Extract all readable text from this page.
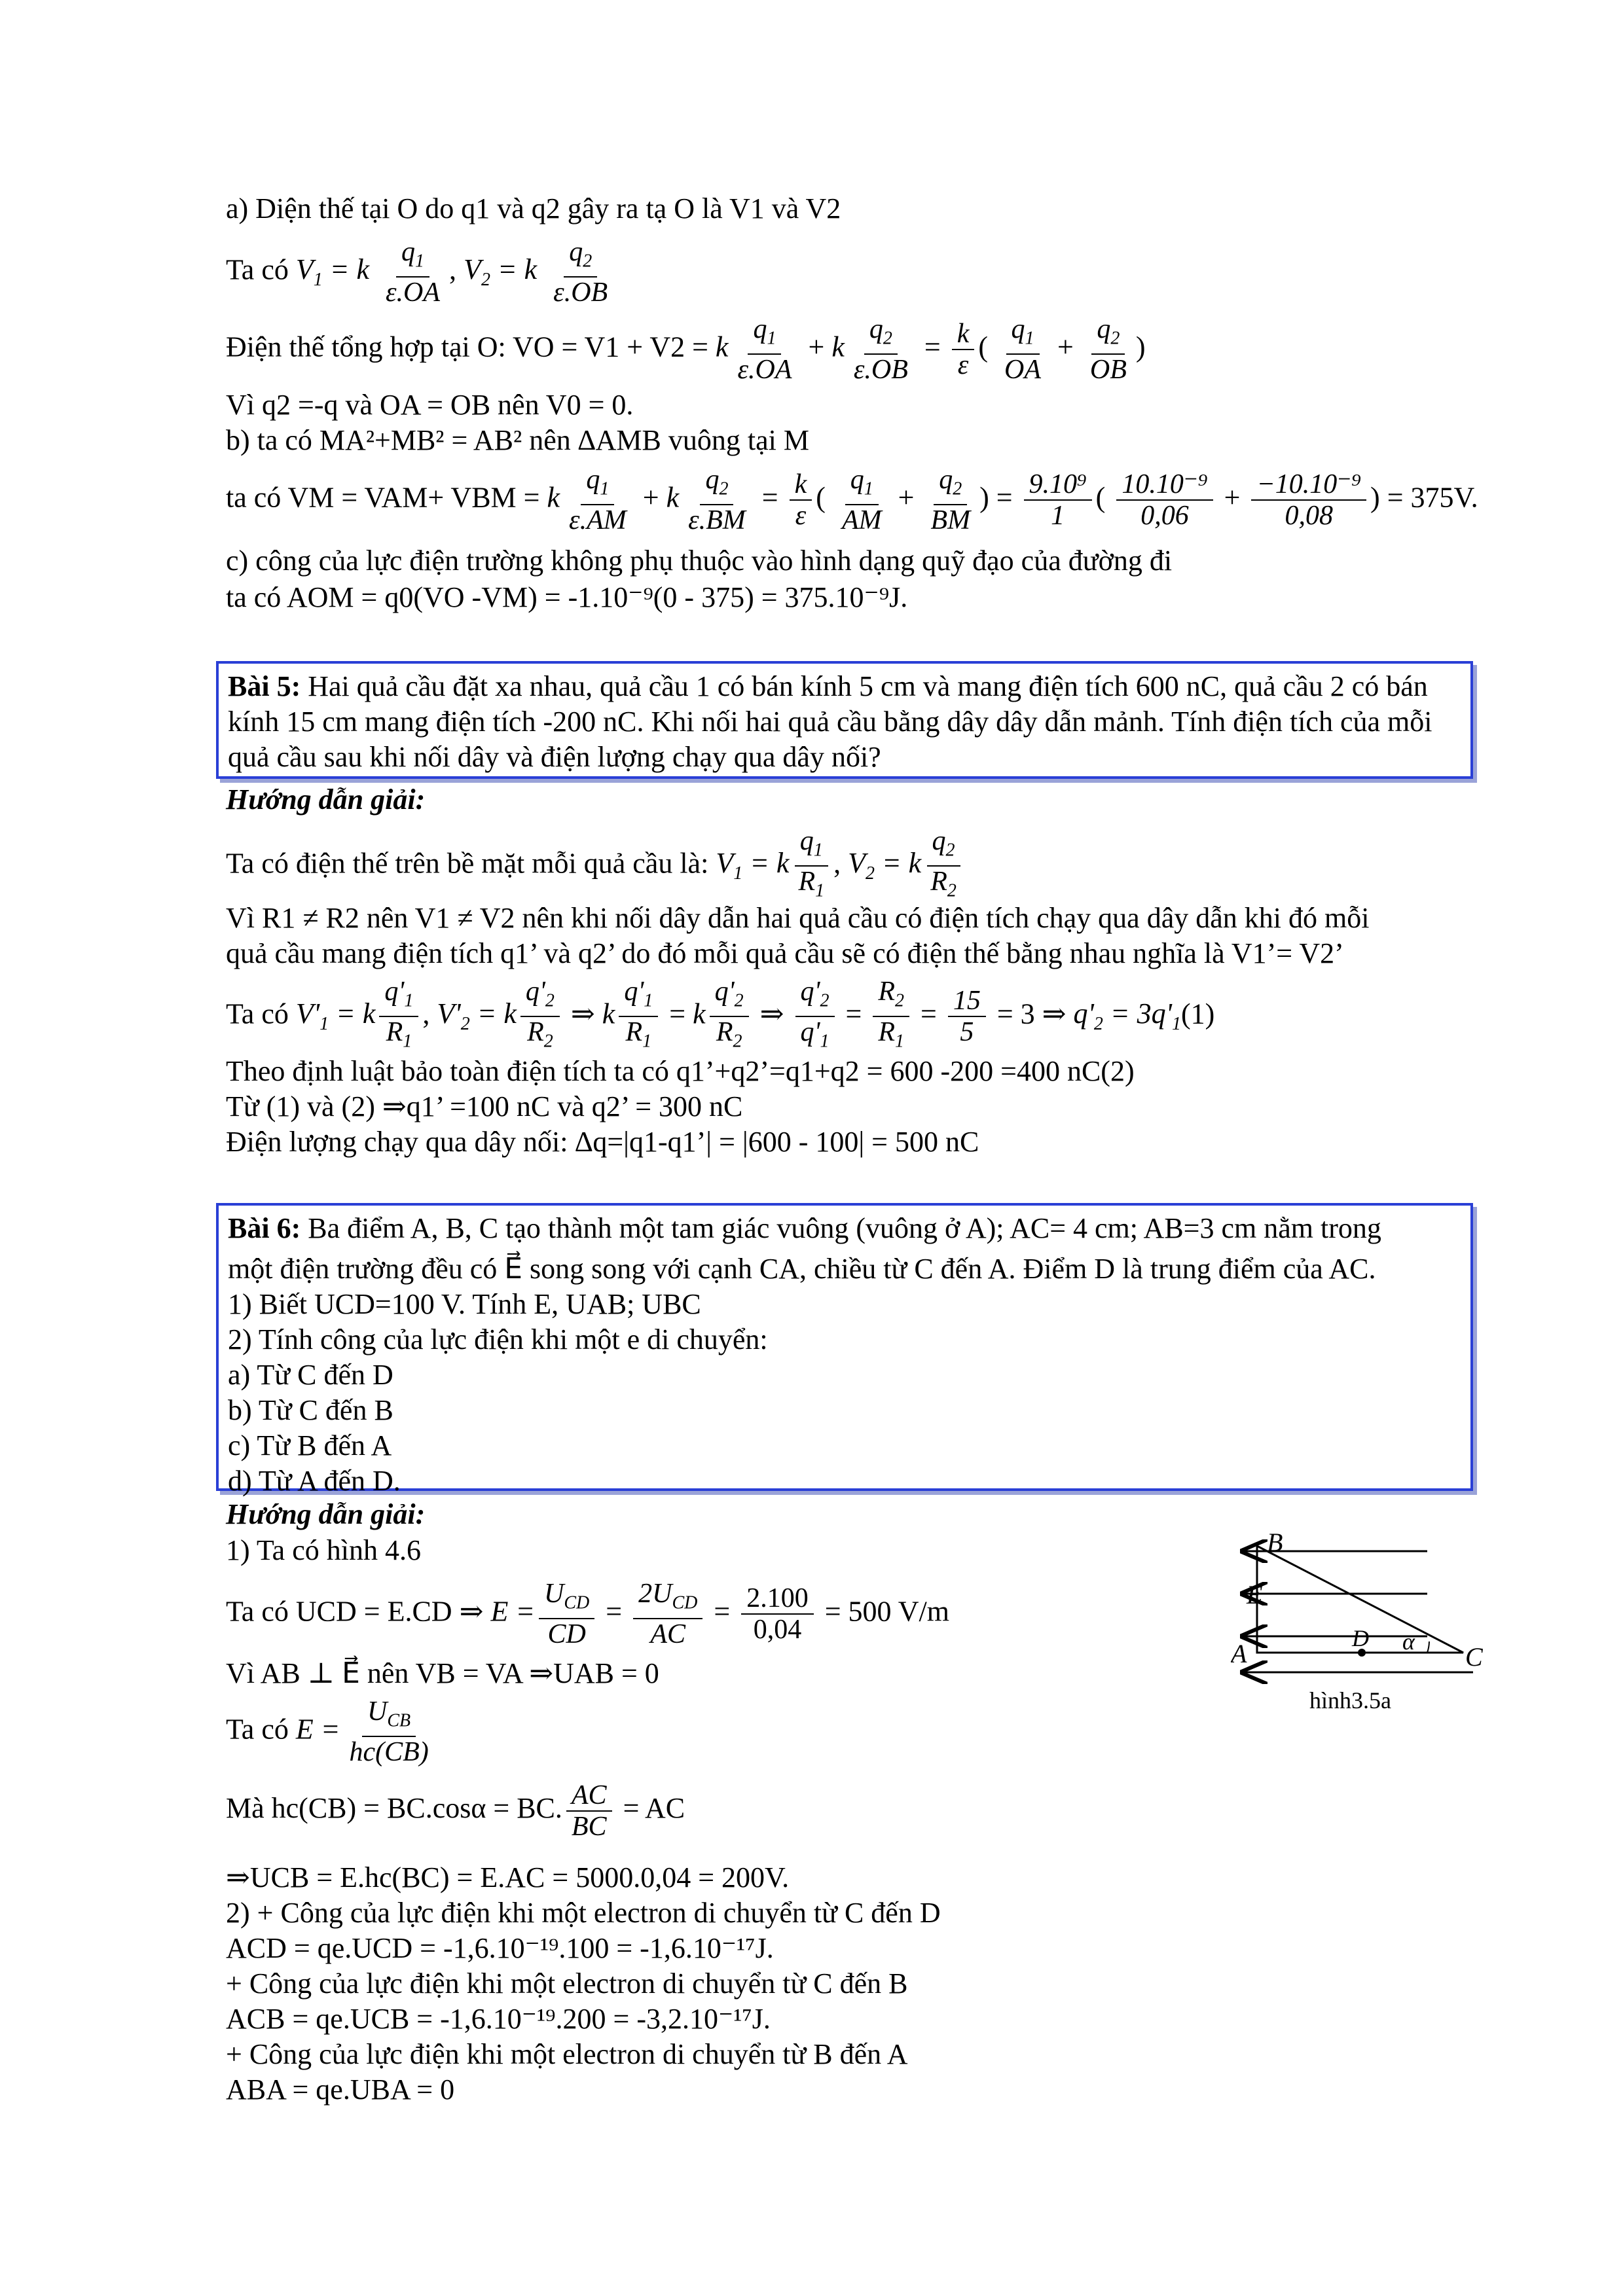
a) Diện thế tại O do q1 và q2 gây ra tạ O là V1 và V2
Ta có $V_1 = k \frac{q_1}{\varepsilon.OA}$ , $V_2 = k \frac{q_2}{\varepsilon.OB}$
Điện thế tổng hợp tại O: VO = V1 + V2 = k $\frac{q_1}{\varepsilon.OA} + k \frac{q_2}{\varepsilon.OB} = \frac{k}{\varepsilon}$ ( $\frac{q_1}{OA} + \frac{q_2}{OB}$ )
Vì q2 =-q và OA = OB nên V0 = 0.
b) ta có MA²+MB² = AB² nên ∆AMB vuông tại M
ta có VM = VAM+ VBM = k $\frac{q_1}{\varepsilon.AM} + k \frac{q_2}{\varepsilon.BM} = \frac{k}{\varepsilon}$ ( $\frac{q_1}{AM} + \frac{q_2}{BM}$ ) = $\frac{\text{9.10⁹}}{1}$ ( $\frac{\text{10.10⁻⁹}}{0,06} + \frac{\text{−10.10⁻⁹}}{0,08}$ ) = 375V.
c) công của lực điện trường không phụ thuộc vào hình dạng quỹ đạo của đường đi
ta có AOM = q0(VO -VM) = -1.10⁻⁹(0 - 375) = 375.10⁻⁹J.
Bài 5: Hai quả cầu đặt xa nhau, quả cầu 1 có bán kính 5 cm và mang điện tích 600 nC, quả cầu 2 có bán kính 15 cm mang điện tích -200 nC. Khi nối hai quả cầu bằng dây dây dẫn mảnh. Tính điện tích của mỗi quả cầu sau khi nối dây và điện lượng chạy qua dây nối?
Hướng dẫn giải:
Ta có điện thế trên bề mặt mỗi quả cầu là: $V_1 = k \frac{q_1}{R_1}$ , $V_2 = k \frac{q_2}{R_2}$
Vì R1 ≠ R2 nên V1 ≠ V2 nên khi nối dây dẫn hai quả cầu có điện tích chạy qua dây dẫn khi đó mỗi
quả cầu mang điện tích q1’ và q2’ do đó mỗi quả cầu sẽ có điện thế bằng nhau nghĩa là V1’= V2’
Ta có $V'_1 = k \frac{q'_1}{R_1}$ , $V'_2 = k \frac{q'_2}{R_2}$ ⇒ k $\frac{q'_1}{R_1} = k \frac{q'_2}{R_2}$ ⇒ $\frac{q'_2}{q'_1} = \frac{R_2}{R_1} = \frac{15}{5} = 3$ ⇒ $q'_2 = 3q'_1(1)$
Theo định luật bảo toàn điện tích ta có q1’+q2’=q1+q2 = 600 -200 =400 nC(2)
Từ (1) và (2) ⇒q1’ =100 nC và q2’ = 300 nC
Điện lượng chạy qua dây nối: ∆q=|q1-q1’| = |600 - 100| = 500 nC
Bài 6: Ba điểm A, B, C tạo thành một tam giác vuông (vuông ở A); AC= 4 cm; AB=3 cm nằm trong
một điện trường đều có E⃗ song song với cạnh CA, chiều từ C đến A. Điểm D là trung điểm của AC.
1) Biết UCD=100 V. Tính E, UAB; UBC
2) Tính công của lực điện khi một e di chuyển:
a) Từ C đến D
b) Từ C đến B
c) Từ B đến A
d) Từ A đến D.
Hướng dẫn giải:
1) Ta có hình 4.6
Ta có UCD = E.CD ⇒ $E = \frac{U_{CD}}{CD} = \frac{2U_{CD}}{AC} = \frac{2.100}{0,04} = 500$ V/m
Vì AB ⊥ E⃗ nên VB = VA ⇒UAB = 0
Ta có $E = \frac{U_{CB}}{hc(CB)}$
Mà hc(CB) = BC.cosα = BC. $\frac{AC}{BC}$ = AC
⇒UCB = E.hc(BC) = E.AC = 5000.0,04 = 200V.
2) + Công của lực điện khi một electron di chuyển từ C đến D
ACD = qe.UCD = -1,6.10⁻¹⁹.100 = -1,6.10⁻¹⁷J.
+ Công của lực điện khi một electron di chuyển từ C đến B
ACB = qe.UCB = -1,6.10⁻¹⁹.200 = -3,2.10⁻¹⁷J.
+ Công của lực điện khi một electron di chuyển từ B đến A
ABA = qe.UBA = 0
B
E
A
D α
C
hình3.5a
